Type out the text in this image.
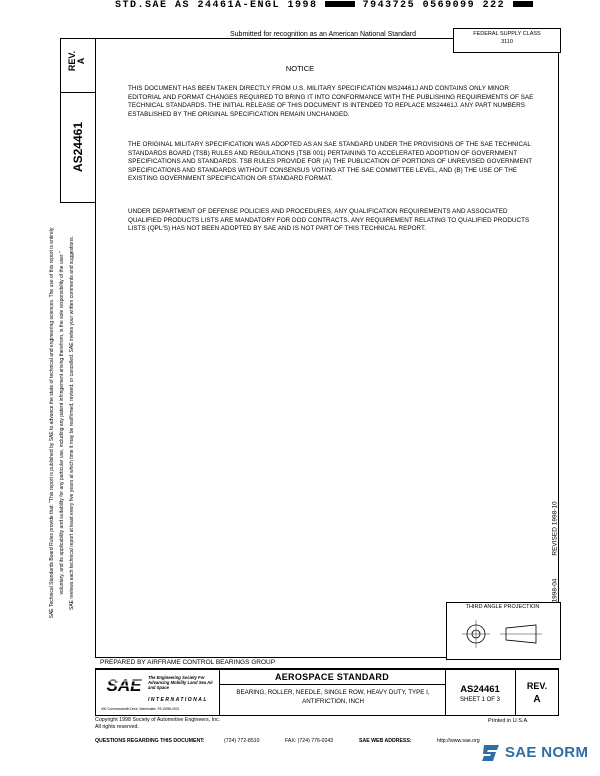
STD.SAE AS 24461A-ENGL 1998	7943725 0569099 222
Submitted for recognition as an American National Standard	FEDERAL SUPPLY CLASS
3110
REV.
A
AS24461
NOTICE
THIS DOCUMENT HAS BEEN TAKEN DIRECTLY FROM U.S. MILITARY SPECIFICATION MS24461J AND CONTAINS ONLY MINOR EDITORIAL AND FORMAT CHANGES REQUIRED TO BRING IT INTO CONFORMANCE WITH THE PUBLISHING REQUIREMENTS OF SAE TECHNICAL STANDARDS. THE INITIAL RELEASE OF THIS DOCUMENT IS INTENDED TO REPLACE MS24461J. ANY PART NUMBERS ESTABLISHED BY THE ORIGINAL SPECIFICATION REMAIN UNCHANGED.
THE ORIGINAL MILITARY SPECIFICATION WAS ADOPTED AS AN SAE STANDARD UNDER THE PROVISIONS OF THE SAE TECHNICAL STANDARDS BOARD (TSB) RULES AND REGULATIONS (TSB 001) PERTAINING TO ACCELERATED ADOPTION OF GOVERNMENT SPECIFICATIONS AND STANDARDS. TSB RULES PROVIDE FOR (A) THE PUBLICATION OF PORTIONS OF UNREVISED GOVERNMENT SPECIFICATIONS AND STANDARDS WITHOUT CONSENSUS VOTING AT THE SAE COMMITTEE LEVEL, AND (B) THE USE OF THE EXISTING GOVERNMENT SPECIFICATION OR STANDARD FORMAT.
UNDER DEPARTMENT OF DEFENSE POLICIES AND PROCEDURES, ANY QUALIFICATION REQUIREMENTS AND ASSOCIATED QUALIFIED PRODUCTS LISTS ARE MANDATORY FOR DOD CONTRACTS. ANY REQUIREMENT RELATING TO QUALIFIED PRODUCTS LISTS (QPL'S) HAS NOT BEEN ADOPTED BY SAE AND IS NOT PART OF THIS TECHNICAL REPORT.
SAE Technical Standards Board Rules provide that: "This report is published by SAE to advance the state of technical and engineering sciences. The use of this report is entirely voluntary, and its applicability and suitability for any particular use, including any patent infringement arising therefrom, is the sole responsibility of the user." SAE reviews each technical report at least every five years at which time it may be reaffirmed, revised, or cancelled. SAE invites your written comments and suggestions.	REVISED 1998-10
THIRD ANGLE PROJECTION
PREPARED BY AIRFRAME CONTROL BEARINGS GROUP
AEROSPACE STANDARD
BEARING, ROLLER, NEEDLE, SINGLE ROW, HEAVY DUTY, TYPE I, ANTIFRICTION, INCH
AS24461
SHEET 1 OF 3
REV.
A
SAE The Engineering Society For Advancing Mobility Land Sea Air and Space
INTERNATIONAL
400 Commonwealth Drive, Warrendale, PA 15096-0001
Copyright 1998 Society of Automotive Engineers, Inc.
All rights reserved.
Printed in U.S.A.
QUESTIONS REGARDING THIS DOCUMENT:	(724) 772-8510	FAX: (724) 776-0243	SAE WEB ADDRESS:	http://www.sae.org
SAE NORM
